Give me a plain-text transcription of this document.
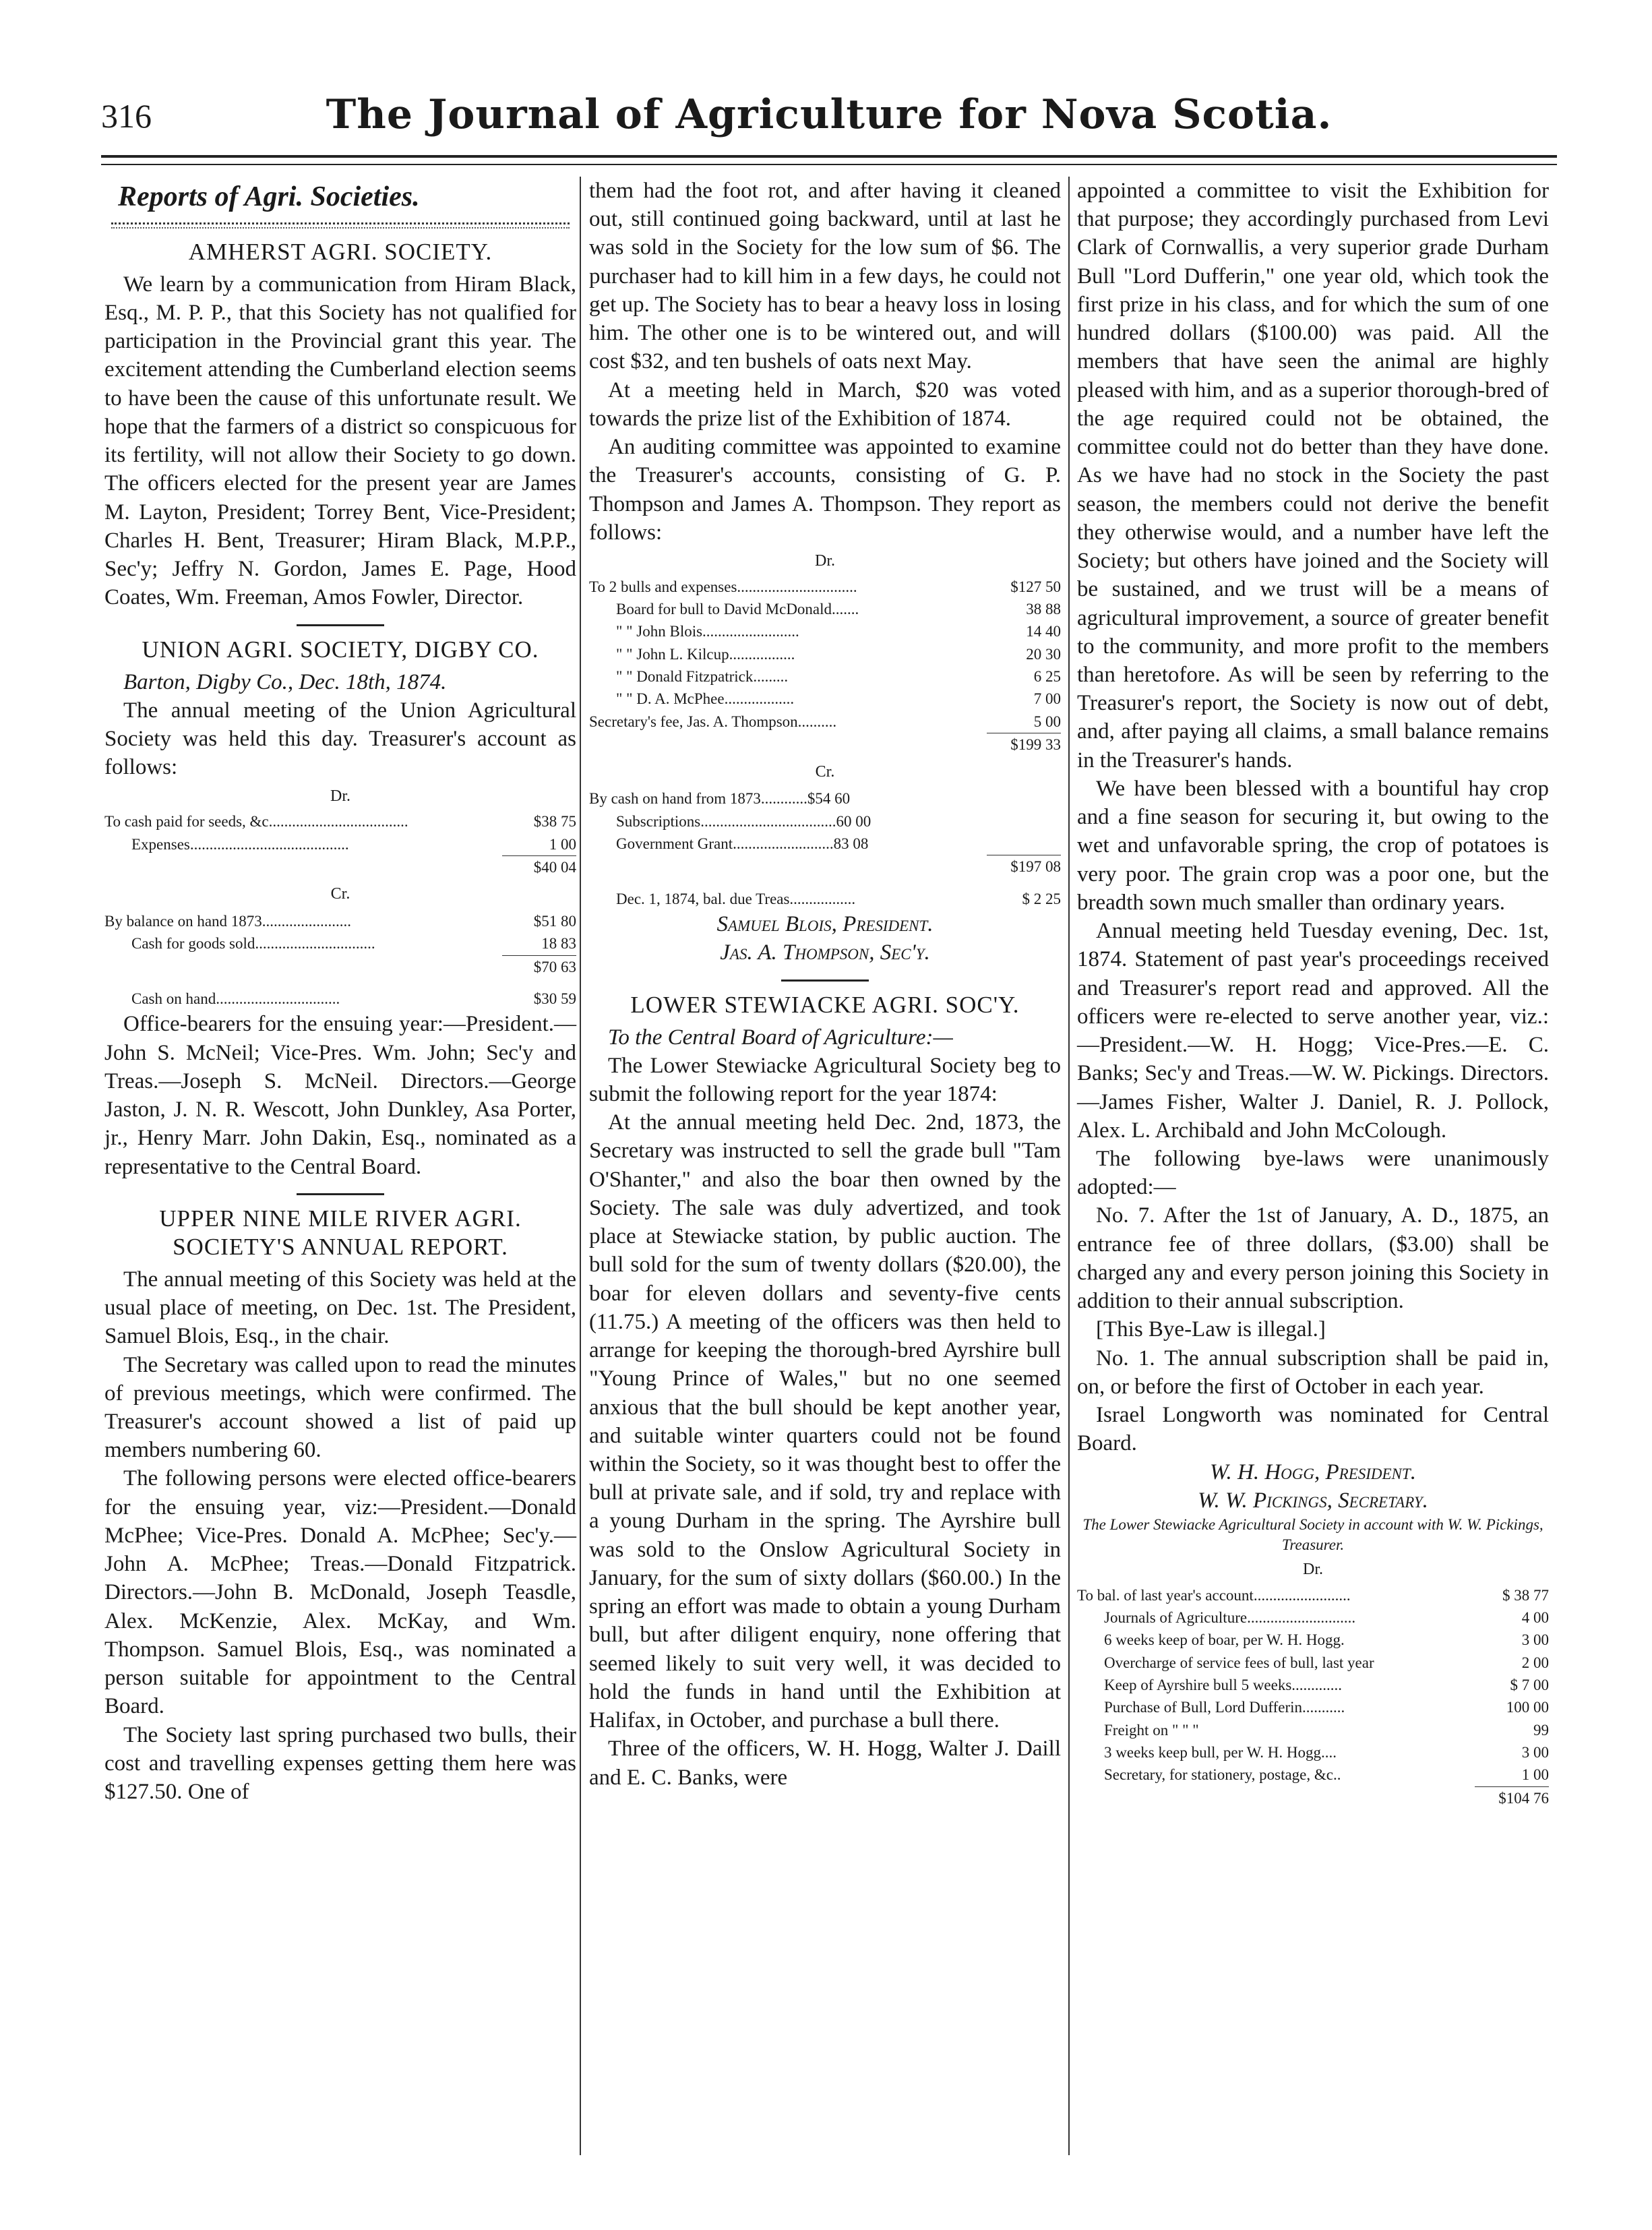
316	The Journal of Agriculture for Nova Scotia.
Reports of Agri. Societies.
AMHERST AGRI. SOCIETY.

We learn by a communication from Hiram Black, Esq., M. P. P., that this Society has not qualified for participation in the Provincial grant this year. The excitement attending the Cumberland election seems to have been the cause of this unfortunate result. We hope that the farmers of a district so conspicuous for its fertility, will not allow their Society to go down. The officers elected for the present year are James M. Layton, President; Torrey Bent, Vice-President; Charles H. Bent, Treasurer; Hiram Black, M.P.P., Sec'y; Jeffry N. Gordon, James E. Page, Hood Coates, Wm. Freeman, Amos Fowler, Director.

UNION AGRI. SOCIETY, DIGBY CO.

Barton, Digby Co., Dec. 18th, 1874.

The annual meeting of the Union Agricultural Society was held this day. Treasurer's account as follows:

Dr.
To cash paid for seeds, &c....................................	$38 75
Expenses.........................................	1 00
$40 04
Cr.
By balance on hand 1873.......................	$51 80
Cash for goods sold...............................	18 83
$70 63
Cash on hand................................	$30 59

Office-bearers for the ensuing year:—President.—John S. McNeil; Vice-Pres. Wm. John; Sec'y and Treas.—Joseph S. McNeil. Directors.—George Jaston, J. N. R. Wescott, John Dunkley, Asa Porter, jr., Henry Marr. John Dakin, Esq., nominated as a representative to the Central Board.

UPPER NINE MILE RIVER AGRI. SOCIETY'S ANNUAL REPORT.

The annual meeting of this Society was held at the usual place of meeting, on Dec. 1st. The President, Samuel Blois, Esq., in the chair.

The Secretary was called upon to read the minutes of previous meetings, which were confirmed. The Treasurer's account showed a list of paid up members numbering 60.

The following persons were elected office-bearers for the ensuing year, viz:—President.—Donald McPhee; Vice-Pres. Donald A. McPhee; Sec'y.—John A. McPhee; Treas.—Donald Fitzpatrick. Directors.—John B. McDonald, Joseph Teasdle, Alex. McKenzie, Alex. McKay, and Wm. Thompson. Samuel Blois, Esq., was nominated a person suitable for appointment to the Central Board.

The Society last spring purchased two bulls, their cost and travelling expenses getting them here was $127.50. One of

them had the foot rot, and after having it cleaned out, still continued going backward, until at last he was sold in the Society for the low sum of $6. The purchaser had to kill him in a few days, he could not get up. The Society has to bear a heavy loss in losing him. The other one is to be wintered out, and will cost $32, and ten bushels of oats next May.

At a meeting held in March, $20 was voted towards the prize list of the Exhibition of 1874.

An auditing committee was appointed to examine the Treasurer's accounts, consisting of G. P. Thompson and James A. Thompson. They report as follows:

Dr.
To 2 bulls and expenses...............................	$127 50
Board for bull to David McDonald.......	38 88
" " John Blois.........................	14 40
" " John L. Kilcup.................	20 30
" " Donald Fitzpatrick.........	6 25
" " D. A. McPhee..................	7 00
Secretary's fee, Jas. A. Thompson..........	5 00
$199 33
Cr.
By cash on hand from 1873............$54 60
Subscriptions...................................60 00
Government Grant..........................83 08
$197 08
Dec. 1, 1874, bal. due Treas.................	$ 2 25
Samuel Blois, President.
Jas. A. Thompson, Sec'y.
LOWER STEWIACKE AGRI. SOC'Y.

To the Central Board of Agriculture:—

The Lower Stewiacke Agricultural Society beg to submit the following report for the year 1874:

At the annual meeting held Dec. 2nd, 1873, the Secretary was instructed to sell the grade bull "Tam O'Shanter," and also the boar then owned by the Society. The sale was duly advertized, and took place at Stewiacke station, by public auction. The bull sold for the sum of twenty dollars ($20.00), the boar for eleven dollars and seventy-five cents (11.75.) A meeting of the officers was then held to arrange for keeping the thorough-bred Ayrshire bull "Young Prince of Wales," but no one seemed anxious that the bull should be kept another year, and suitable winter quarters could not be found within the Society, so it was thought best to offer the bull at private sale, and if sold, try and replace with a young Durham in the spring. The Ayrshire bull was sold to the Onslow Agricultural Society in January, for the sum of sixty dollars ($60.00.) In the spring an effort was made to obtain a young Durham bull, but after diligent enquiry, none offering that seemed likely to suit very well, it was decided to hold the funds in hand until the Exhibition at Halifax, in October, and purchase a bull there.

Three of the officers, W. H. Hogg, Walter J. Daill and E. C. Banks, were

appointed a committee to visit the Exhibition for that purpose; they accordingly purchased from Levi Clark of Cornwallis, a very superior grade Durham Bull "Lord Dufferin," one year old, which took the first prize in his class, and for which the sum of one hundred dollars ($100.00) was paid. All the members that have seen the animal are highly pleased with him, and as a superior thorough-bred of the age required could not be obtained, the committee could not do better than they have done. As we have had no stock in the Society the past season, the members could not derive the benefit they otherwise would, and a number have left the Society; but others have joined and the Society will be sustained, and we trust will be a means of agricultural improvement, a source of greater benefit to the community, and more profit to the members than heretofore. As will be seen by referring to the Treasurer's report, the Society is now out of debt, and, after paying all claims, a small balance remains in the Treasurer's hands.

We have been blessed with a bountiful hay crop and a fine season for securing it, but owing to the wet and unfavorable spring, the crop of potatoes is very poor. The grain crop was a poor one, but the breadth sown much smaller than ordinary years.

Annual meeting held Tuesday evening, Dec. 1st, 1874. Statement of past year's proceedings received and Treasurer's report read and approved. All the officers were re-elected to serve another year, viz.:—President.—W. H. Hogg; Vice-Pres.—E. C. Banks; Sec'y and Treas.—W. W. Pickings. Directors.—James Fisher, Walter J. Daniel, R. J. Pollock, Alex. L. Archibald and John McColough.

The following bye-laws were unanimously adopted:—

No. 7. After the 1st of January, A. D., 1875, an entrance fee of three dollars, ($3.00) shall be charged any and every person joining this Society in addition to their annual subscription.

[This Bye-Law is illegal.]

No. 1. The annual subscription shall be paid in, on, or before the first of October in each year.

Israel Longworth was nominated for Central Board.

W. H. Hogg, President.
W. W. Pickings, Secretary.
The Lower Stewiacke Agricultural Society in account with W. W. Pickings, Treasurer.
Dr.
To bal. of last year's account.........................	$ 38 77
Journals of Agriculture............................	4 00
6 weeks keep of boar, per W. H. Hogg.	3 00
Overcharge of service fees of bull, last year	2 00
Keep of Ayrshire bull 5 weeks.............	$ 7 00
Purchase of Bull, Lord Dufferin...........	100 00
Freight on " " "	99
3 weeks keep bull, per W. H. Hogg....	3 00
Secretary, for stationery, postage, &c..	1 00
$104 76
